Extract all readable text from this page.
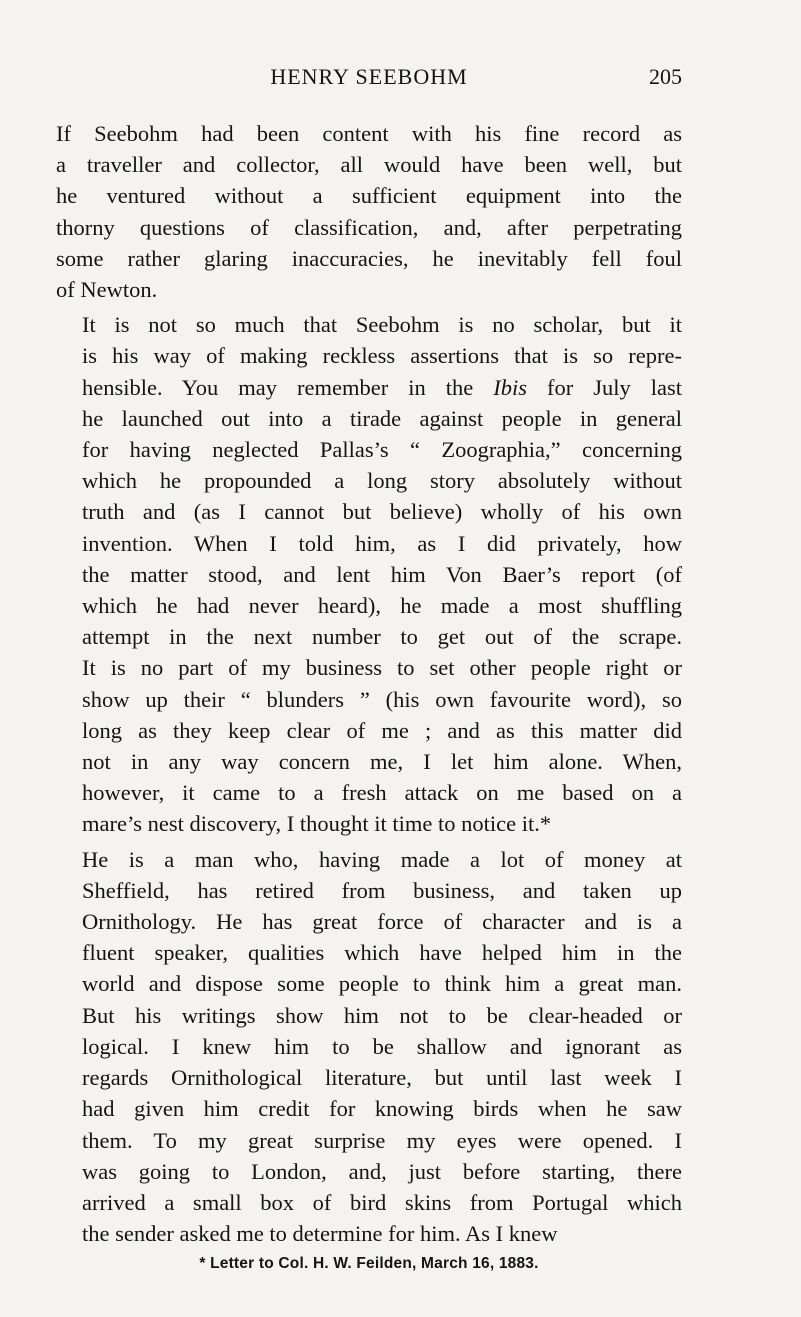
HENRY SEEBOHM	205

If Seebohm had been content with his fine record as
a traveller and collector, all would have been well, but
he ventured without a sufficient equipment into the
thorny questions of classification, and, after perpetrating
some rather glaring inaccuracies, he inevitably fell foul
of Newton.

It is not so much that Seebohm is no scholar, but it
is his way of making reckless assertions that is so repre-
hensible. You may remember in the Ibis for July last
he launched out into a tirade against people in general
for having neglected Pallas’s “ Zoographia,” concerning
which he propounded a long story absolutely without
truth and (as I cannot but believe) wholly of his own
invention. When I told him, as I did privately, how
the matter stood, and lent him Von Baer’s report (of
which he had never heard), he made a most shuffling
attempt in the next number to get out of the scrape.
It is no part of my business to set other people right or
show up their “ blunders ” (his own favourite word), so
long as they keep clear of me ; and as this matter did
not in any way concern me, I let him alone. When,
however, it came to a fresh attack on me based on a
mare’s nest discovery, I thought it time to notice it.*

He is a man who, having made a lot of money at
Sheffield, has retired from business, and taken up
Ornithology. He has great force of character and is a
fluent speaker, qualities which have helped him in the
world and dispose some people to think him a great man.
But his writings show him not to be clear-headed or
logical. I knew him to be shallow and ignorant as
regards Ornithological literature, but until last week I
had given him credit for knowing birds when he saw
them. To my great surprise my eyes were opened. I
was going to London, and, just before starting, there
arrived a small box of bird skins from Portugal which
the sender asked me to determine for him. As I knew

* Letter to Col. H. W. Feilden, March 16, 1883.
